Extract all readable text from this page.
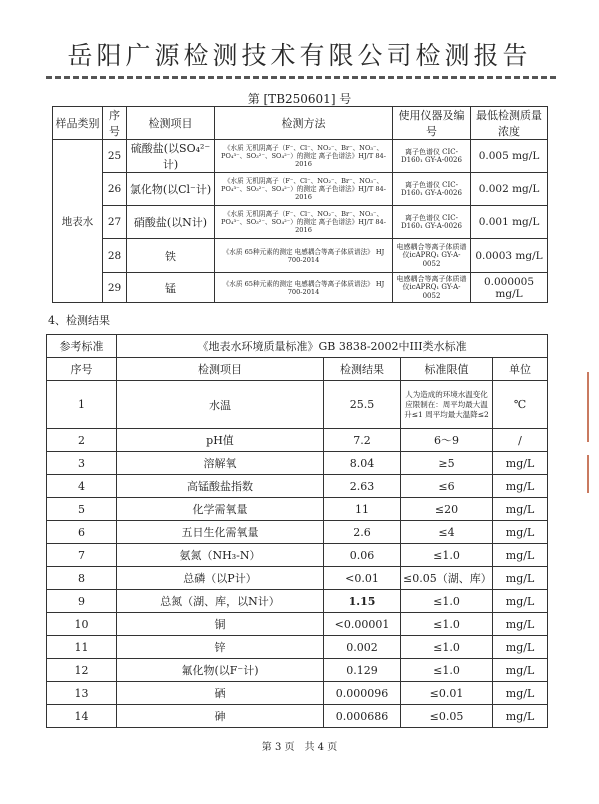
岳阳广源检测技术有限公司检测报告
第 [TB250601] 号
样品类别	序号	检测项目	检测方法	使用仪器及编号	最低检测质量浓度
地表水	25	硫酸盐(以SO₄²⁻计)	《水质 无机阴离子（F⁻、Cl⁻、NO₂⁻、Br⁻、NO₃⁻、PO₄³⁻、SO₃²⁻、SO₄²⁻）的测定 离子色谱法》HJ/T 84-2016	离子色谱仪 CIC-D160₁ GY-A-0026	0.005 mg/L
	26	氯化物(以Cl⁻计)	《水质 无机阴离子（F⁻、Cl⁻、NO₂⁻、Br⁻、NO₃⁻、PO₄³⁻、SO₃²⁻、SO₄²⁻）的测定 离子色谱法》HJ/T 84-2016	离子色谱仪 CIC-D160₁ GY-A-0026	0.002 mg/L
	27	硝酸盐(以N计)	《水质 无机阴离子（F⁻、Cl⁻、NO₂⁻、Br⁻、NO₃⁻、PO₄³⁻、SO₃²⁻、SO₄²⁻）的测定 离子色谱法》HJ/T 84-2016	离子色谱仪 CIC-D160₁ GY-A-0026	0.001 mg/L
	28	铁	《水质 65种元素的测定 电感耦合等离子体质谱法》 HJ 700-2014	电感耦合等离子体质谱仪icAPRQ₁ GY-A-0052	0.0003 mg/L
	29	锰	《水质 65种元素的测定 电感耦合等离子体质谱法》 HJ 700-2014	电感耦合等离子体质谱仪icAPRQ₁ GY-A-0052	0.000005 mg/L
4、检测结果
参考标准	《地表水环境质量标准》GB 3838-2002中III类水标准			
序号	检测项目	检测结果	标准限值	单位
1	水温	25.5	人为造成的环境水温变化应限制在：周平均最大温升≤1 周平均最大温降≤2	℃
2	pH值	7.2	6～9	/
3	溶解氧	8.04	≥5	mg/L
4	高锰酸盐指数	2.63	≤6	mg/L
5	化学需氧量	11	≤20	mg/L
6	五日生化需氧量	2.6	≤4	mg/L
7	氨氮（NH₃-N）	0.06	≤1.0	mg/L
8	总磷（以P计）	<0.01	≤0.05（湖、库）	mg/L
9	总氮（湖、库，以N计）	1.15	≤1.0	mg/L
10	铜	<0.00001	≤1.0	mg/L
11	锌	0.002	≤1.0	mg/L
12	氟化物(以F⁻计)	0.129	≤1.0	mg/L
13	硒	0.000096	≤0.01	mg/L
14	砷	0.000686	≤0.05	mg/L
第 3 页　共 4 页
